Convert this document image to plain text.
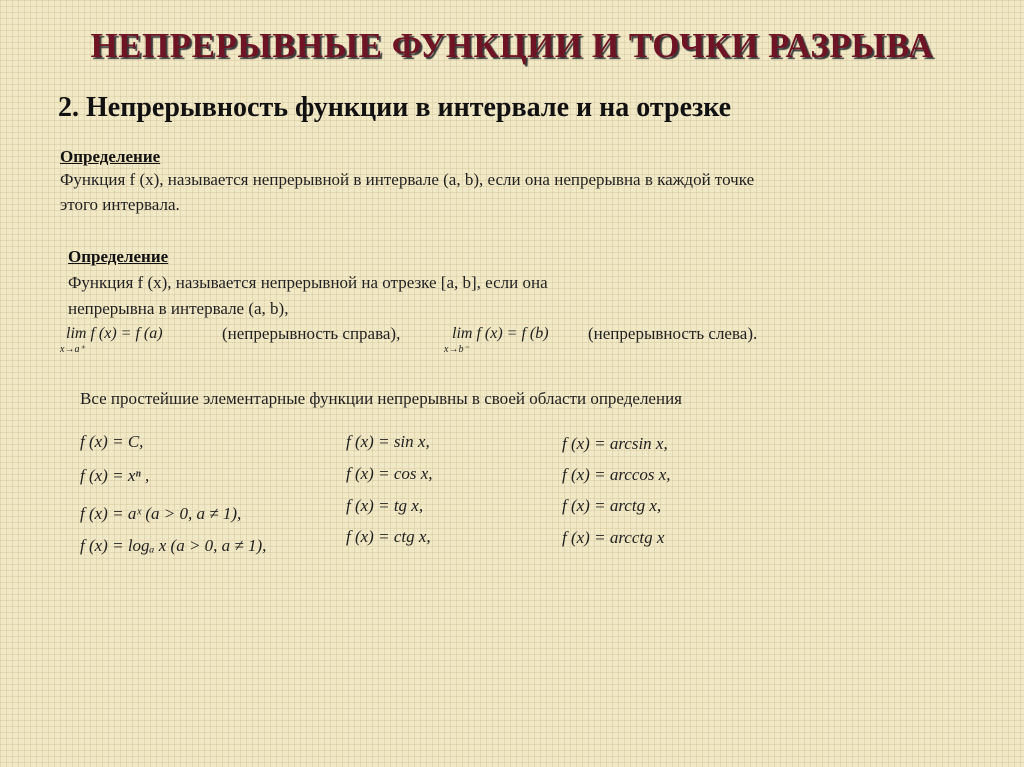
НЕПРЕРЫВНЫЕ ФУНКЦИИ И ТОЧКИ РАЗРЫВА
2. Непрерывность функции в интервале и на отрезке
Определение
Функция f (x), называется непрерывной в интервале (a, b), если она непрерывна в каждой точке
этого интервала.
Определение
Функция f (x), называется непрерывной на отрезке [a, b], если она
непрерывна в интервале (a, b),
lim f (x) = f (a)
x→a⁺
(непрерывность справа),	lim f (x) = f (b)
x→b⁻
(непрерывность слева).
Все простейшие элементарные функции непрерывны в своей области определения
f (x) = C,
f (x) = xⁿ ,
f (x) = aˣ (a > 0, a ≠ 1),
f (x) = logₐ x (a > 0, a ≠ 1),
f (x) = sin x,
f (x) = cos x,
f (x) = tg x,
f (x) = ctg x,
f (x) = arcsin x,
f (x) = arccos x,
f (x) = arctg x,
f (x) = arcctg x
